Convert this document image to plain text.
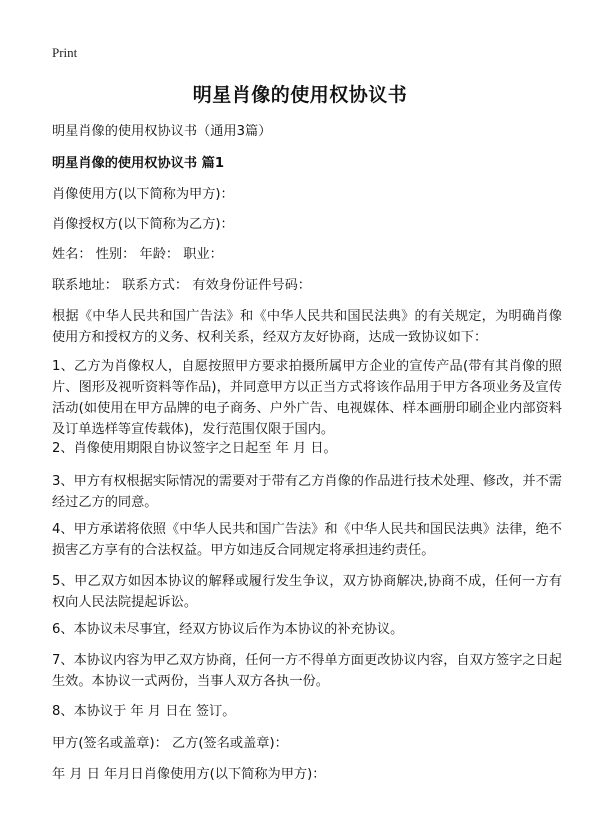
Print
明星肖像的使用权协议书

明星肖像的使用权协议书（通用3篇）

明星肖像的使用权协议书 篇1

肖像使用方(以下简称为甲方)：

肖像授权方(以下简称为乙方)：

姓名： 性别： 年龄： 职业：

联系地址： 联系方式： 有效身份证件号码：

根据《中华人民共和国广告法》和《中华人民共和国民法典》的有关规定，为明确肖像使用方和授权方的义务、权利关系，经双方友好协商，达成一致协议如下：

1、乙方为肖像权人，自愿按照甲方要求拍摄所属甲方企业的宣传产品(带有其肖像的照片、图形及视听资料等作品)，并同意甲方以正当方式将该作品用于甲方各项业务及宣传活动(如使用在甲方品牌的电子商务、户外广告、电视媒体、样本画册印刷企业内部资料及订单选样等宣传载体)，发行范围仅限于国内。

2、肖像使用期限自协议签字之日起至 年 月 日。

3、甲方有权根据实际情况的需要对于带有乙方肖像的作品进行技术处理、修改，并不需经过乙方的同意。

4、甲方承诺将依照《中华人民共和国广告法》和《中华人民共和国民法典》法律，绝不损害乙方享有的合法权益。甲方如违反合同规定将承担违约责任。

5、甲乙双方如因本协议的解释或履行发生争议，双方协商解决,协商不成，任何一方有权向人民法院提起诉讼。

6、本协议未尽事宜，经双方协议后作为本协议的补充协议。

7、本协议内容为甲乙双方协商，任何一方不得单方面更改协议内容，自双方签字之日起生效。本协议一式两份，当事人双方各执一份。

8、本协议于 年 月 日在 签订。

甲方(签名或盖章)： 乙方(签名或盖章)：

年 月 日 年月日肖像使用方(以下简称为甲方)：
